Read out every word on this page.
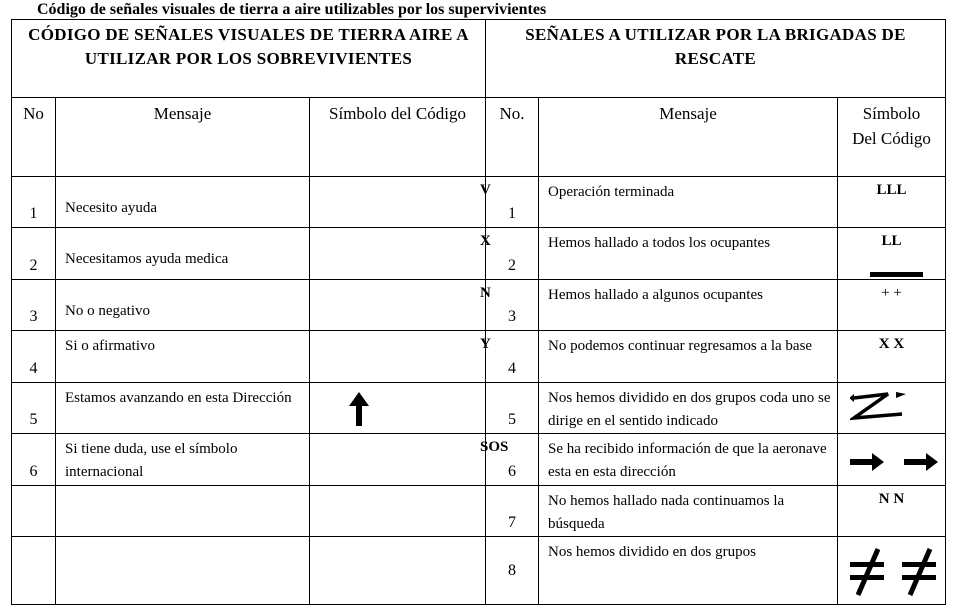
Código de señales visuales de tierra a aire utilizables por los supervivientes
CÓDIGO DE SEÑALES VISUALES DE TIERRA AIRE A UTILIZAR POR LOS SOBREVIVIENTES			SEÑALES A UTILIZAR POR LA BRIGADAS DE RESCATE		
No	Mensaje	Símbolo del Código	No.	Mensaje	Símbolo Del Código
1	Necesito ayuda	V	1	Operación terminada	LLL
2	Necesitamos ayuda medica	X	2	Hemos hallado a todos los ocupantes	LL

3	No o negativo	N	3	Hemos hallado a algunos ocupantes	+ +
4	Si o afirmativo	Y	4	No podemos continuar regresamos a la base	X X
5	Estamos avanzando en esta Dirección		5	Nos hemos dividido en dos grupos coda uno se dirige en el sentido indicado	

6	Si tiene duda, use el símbolo internacional	SOS	6	Se ha recibido información de que la aeronave esta en esta dirección	

			7	No hemos hallado nada continuamos la búsqueda	N N
			8	Nos hemos dividido en dos grupos	
